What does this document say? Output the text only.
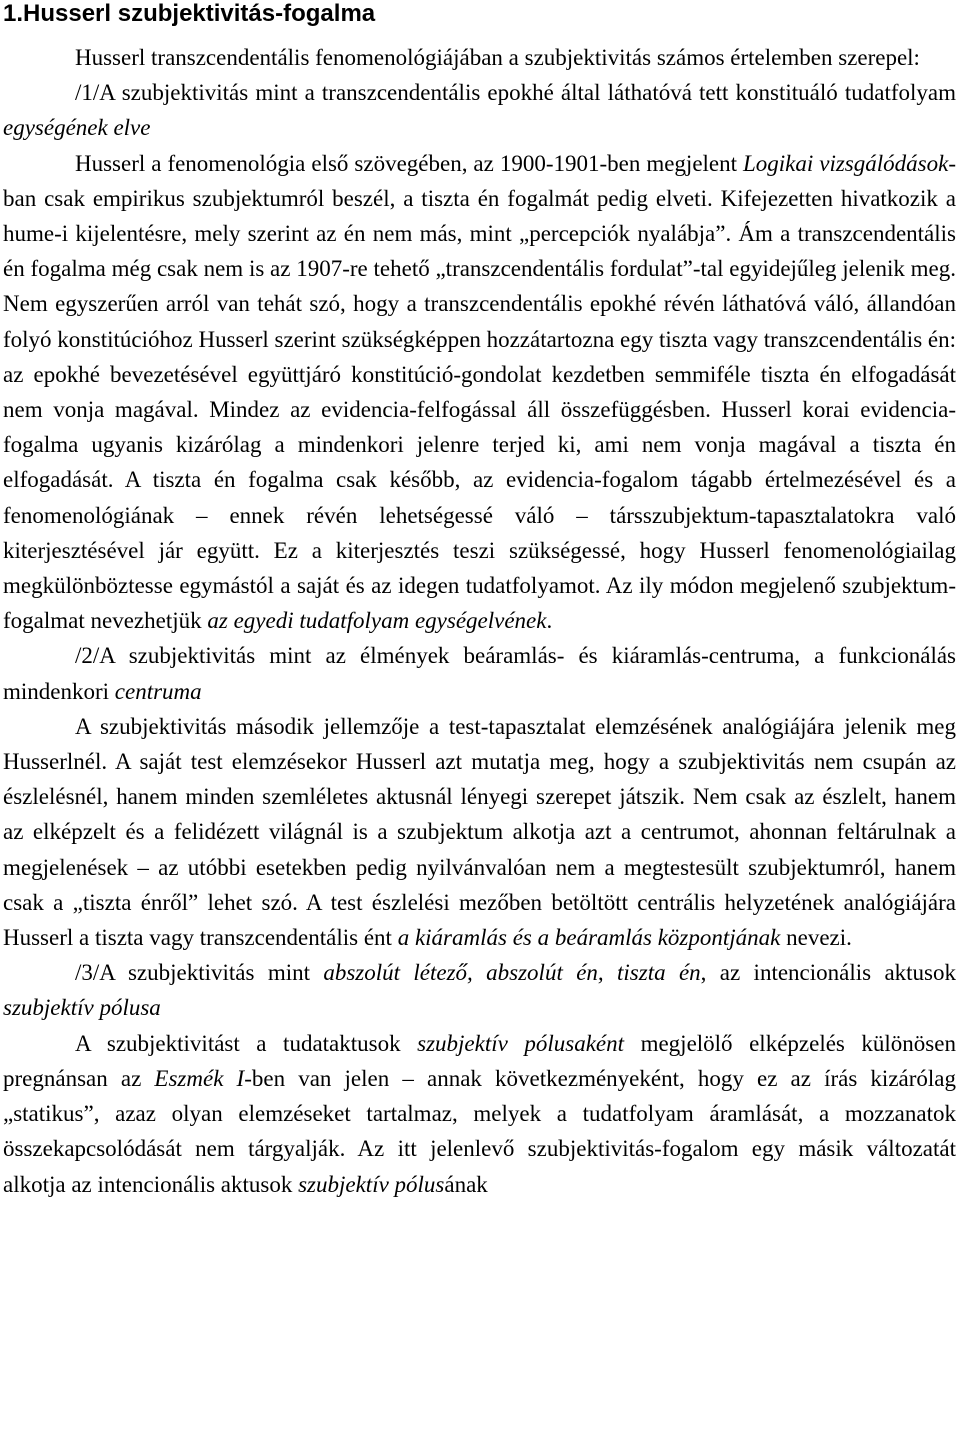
1.Husserl szubjektivitás-fogalma

Husserl transzcendentális fenomenológiájában a szubjektivitás számos értelemben szerepel:

/1/A szubjektivitás mint a transzcendentális epokhé által láthatóvá tett konstituáló tudatfolyam egységének elve

Husserl a fenomenológia első szövegében, az 1900-1901-ben megjelent Logikai vizsgálódások-ban csak empirikus szubjektumról beszél, a tiszta én fogalmát pedig elveti. Kifejezetten hivatkozik a hume-i kijelentésre, mely szerint az én nem más, mint „percepciók nyalábja”. Ám a transzcendentális én fogalma még csak nem is az 1907-re tehető „transzcendentális fordulat”-tal egyidejűleg jelenik meg. Nem egyszerűen arról van tehát szó, hogy a transzcendentális epokhé révén láthatóvá váló, állandóan folyó konstitúcióhoz Husserl szerint szükségképpen hozzátartozna egy tiszta vagy transzcendentális én: az epokhé bevezetésével együttjáró konstitúció-gondolat kezdetben semmiféle tiszta én elfogadását nem vonja magával. Mindez az evidencia-felfogással áll összefüggésben. Husserl korai evidencia-fogalma ugyanis kizárólag a mindenkori jelenre terjed ki, ami nem vonja magával a tiszta én elfogadását. A tiszta én fogalma csak később, az evidencia-fogalom tágabb értelmezésével és a fenomenológiának – ennek révén lehetségessé váló – társszubjektum-tapasztalatokra való kiterjesztésével jár együtt. Ez a kiterjesztés teszi szükségessé, hogy Husserl fenomenológiailag megkülönböztesse egymástól a saját és az idegen tudatfolyamot. Az ily módon megjelenő szubjektum-fogalmat nevezhetjük az egyedi tudatfolyam egységelvének.

/2/A szubjektivitás mint az élmények beáramlás- és kiáramlás-centruma, a funkcionálás mindenkori centruma

A szubjektivitás második jellemzője a test-tapasztalat elemzésének analógiájára jelenik meg Husserlnél. A saját test elemzésekor Husserl azt mutatja meg, hogy a szubjektivitás nem csupán az észlelésnél, hanem minden szemléletes aktusnál lényegi szerepet játszik. Nem csak az észlelt, hanem az elképzelt és a felidézett világnál is a szubjektum alkotja azt a centrumot, ahonnan feltárulnak a megjelenések – az utóbbi esetekben pedig nyilvánvalóan nem a megtestesült szubjektumról, hanem csak a „tiszta énről” lehet szó. A test észlelési mezőben betöltött centrális helyzetének analógiájára Husserl a tiszta vagy transzcendentális ént a kiáramlás és a beáramlás központjának nevezi.

/3/A szubjektivitás mint abszolút létező, abszolút én, tiszta én, az intencionális aktusok szubjektív pólusa

A szubjektivitást a tudataktusok szubjektív pólusaként megjelölő elképzelés különösen pregnánsan az Eszmék I-ben van jelen – annak következményeként, hogy ez az írás kizárólag „statikus”, azaz olyan elemzéseket tartalmaz, melyek a tudatfolyam áramlását, a mozzanatok összekapcsolódását nem tárgyalják. Az itt jelenlevő szubjektivitás-fogalom egy másik változatát alkotja az intencionális aktusok szubjektív pólusának
